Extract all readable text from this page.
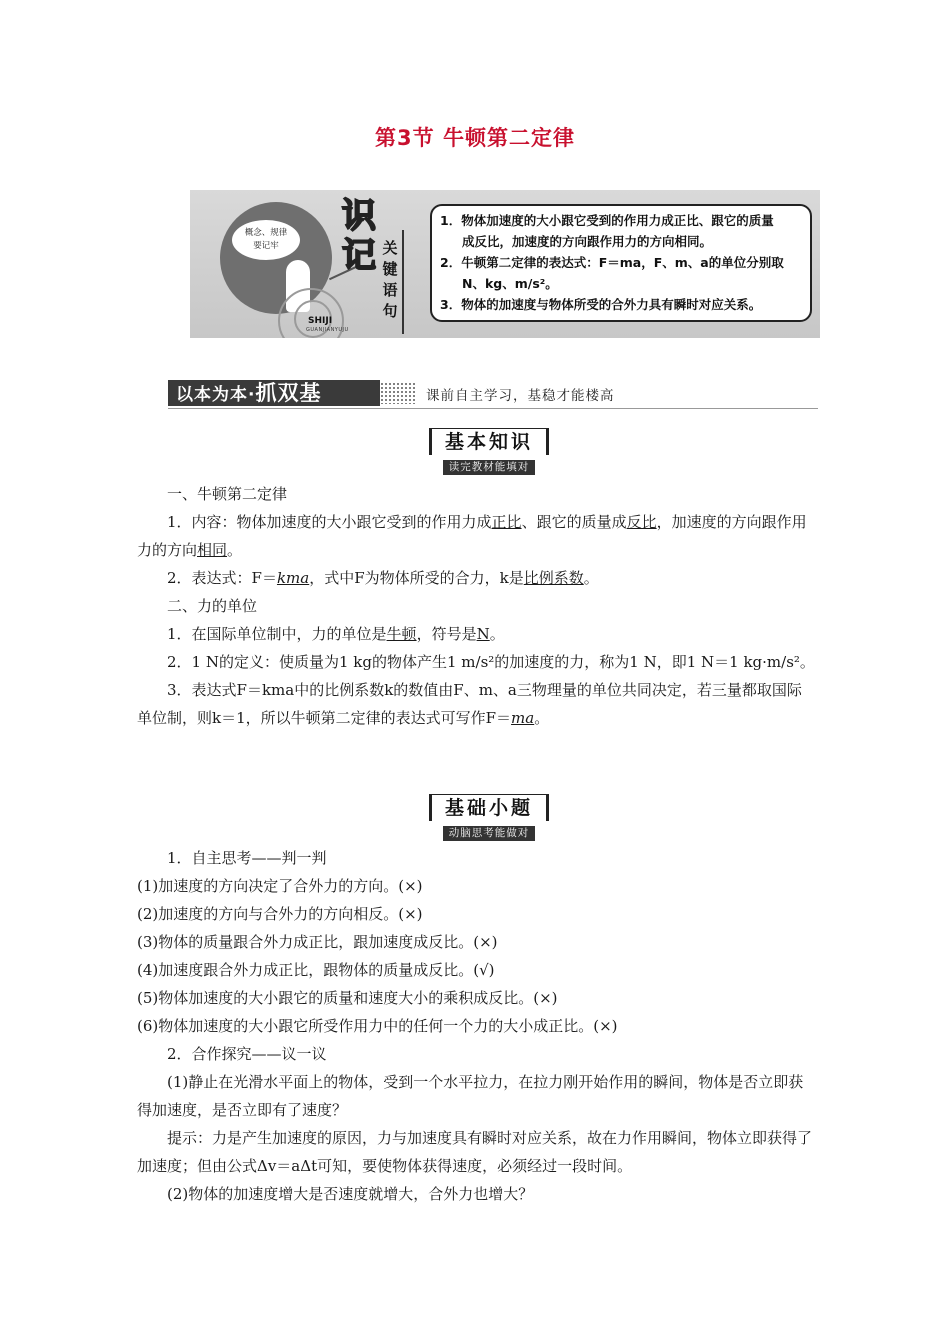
第3节 牛顿第二定律
概念、规律
要记牢
SHIJI
GUANJIANYUJU
识
记 关键语句

1．物体加速度的大小跟它受到的作用力成正比、跟它的质量

成反比，加速度的方向跟作用力的方向相同。

2．牛顿第二定律的表达式：F＝ma，F、m、a的单位分别取

N、kg、m/s²。

3．物体的加速度与物体所受的合外力具有瞬时对应关系。

以本为本·抓双基	课前自主学习，基稳才能楼高
基本知识
读完教材能填对

一、牛顿第二定律

1．内容：物体加速度的大小跟它受到的作用力成正比、跟它的质量成反比，加速度的方向跟作用力的方向相同。

2．表达式：F＝kma，式中F为物体所受的合力，k是比例系数。

二、力的单位

1．在国际单位制中，力的单位是牛顿，符号是N。

2．1 N的定义：使质量为1 kg的物体产生1 m/s²的加速度的力，称为1 N，即1 N＝1 kg·m/s²。

3．表达式F＝kma中的比例系数k的数值由F、m、a三物理量的单位共同决定，若三量都取国际单位制，则k＝1，所以牛顿第二定律的表达式可写作F＝ma。

基础小题
动脑思考能做对

1．自主思考——判一判

(1)加速度的方向决定了合外力的方向。(×)

(2)加速度的方向与合外力的方向相反。(×)

(3)物体的质量跟合外力成正比，跟加速度成反比。(×)

(4)加速度跟合外力成正比，跟物体的质量成反比。(√)

(5)物体加速度的大小跟它的质量和速度大小的乘积成反比。(×)

(6)物体加速度的大小跟它所受作用力中的任何一个力的大小成正比。(×)

2．合作探究——议一议

(1)静止在光滑水平面上的物体，受到一个水平拉力，在拉力刚开始作用的瞬间，物体是否立即获得加速度，是否立即有了速度？

提示：力是产生加速度的原因，力与加速度具有瞬时对应关系，故在力作用瞬间，物体立即获得了加速度；但由公式Δv＝aΔt可知，要使物体获得速度，必须经过一段时间。

(2)物体的加速度增大是否速度就增大，合外力也增大？
